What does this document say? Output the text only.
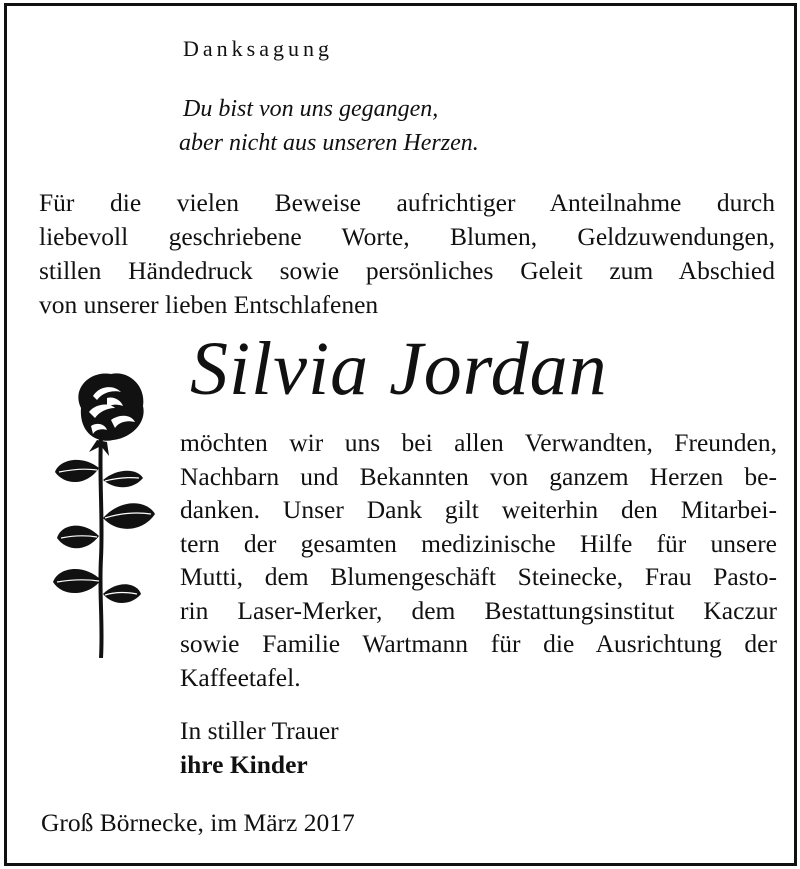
Danksagung
Du bist von uns gegangen,
aber nicht aus unseren Herzen.
Für die vielen Beweise aufrichtiger Anteilnahme durch
liebevoll geschriebene Worte, Blumen, Geldzuwendungen,
stillen Händedruck sowie persönliches Geleit zum Abschied
von unserer lieben Entschlafenen
Silvia Jordan
möchten wir uns bei allen Verwandten, Freunden,
Nachbarn und Bekannten von ganzem Herzen be-
danken. Unser Dank gilt weiterhin den Mitarbei-
tern der gesamten medizinische Hilfe für unsere
Mutti, dem Blumengeschäft Steinecke, Frau Pasto-
rin Laser-Merker, dem Bestattungsinstitut Kaczur
sowie Familie Wartmann für die Ausrichtung der
Kaffeetafel.
In stiller Trauer
ihre Kinder
Groß Börnecke, im März 2017
